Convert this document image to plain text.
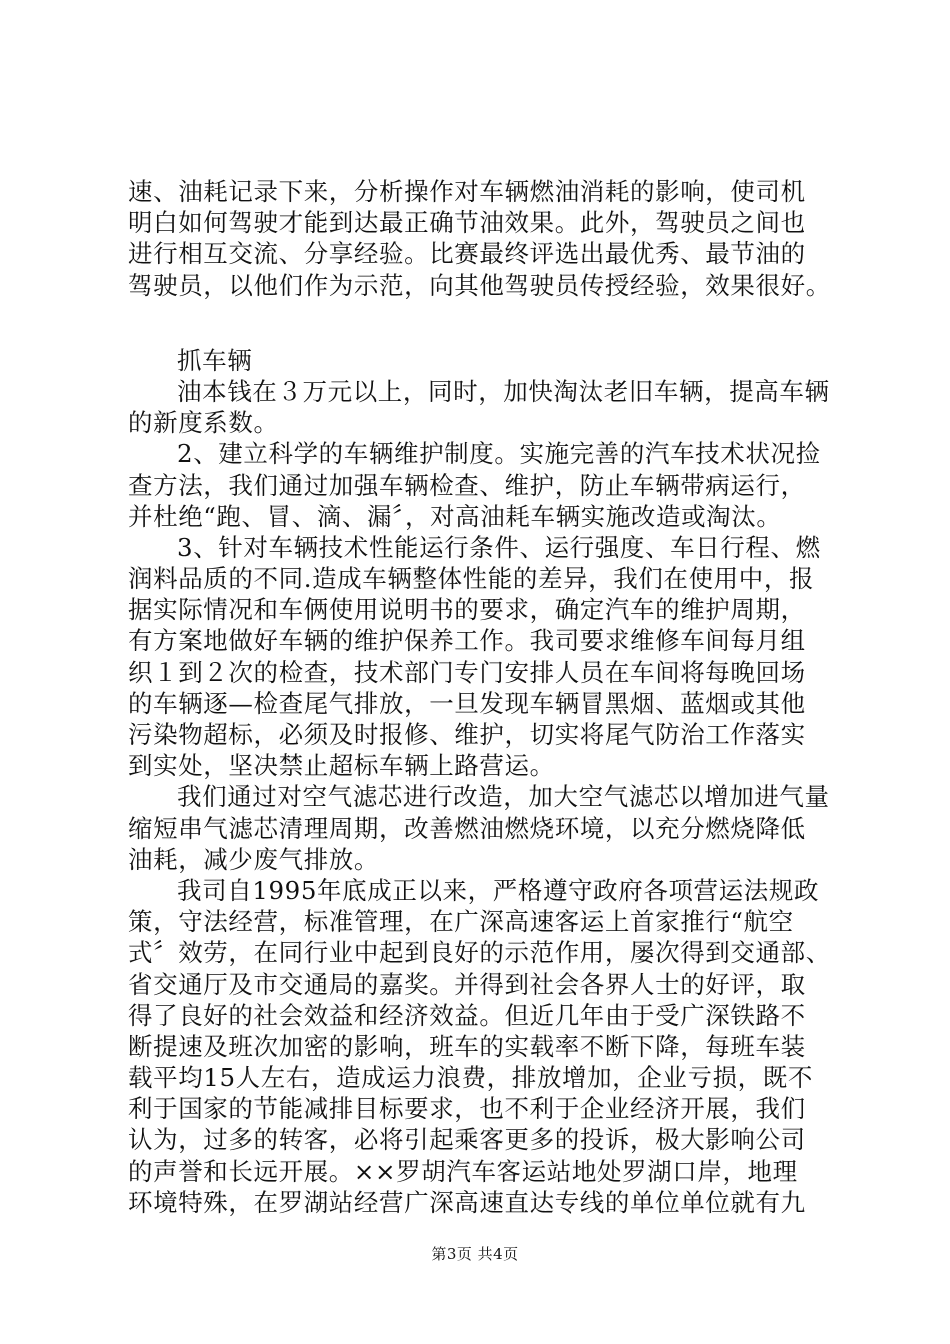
速、油耗记录下来，分析操作对车辆燃油消耗的影响，使司机
明白如何驾驶才能到达最正确节油效果。此外，驾驶员之间也
进行相互交流、分享经验。比赛最终评选出最优秀、最节油的
驾驶员，以他们作为示范，向其他驾驶员传授经验，效果很好。
抓车辆
油本钱在３万元以上，同时，加快淘汰老旧车辆，提高车辆
的新度系数。
2、建立科学的车辆维护制度。实施完善的汽车技术状况捡
查方法，我们通过加强车辆检查、维护，防止车辆带病运行，
并杜绝“跑、冒、滴、漏〞，对高油耗车辆实施改造或淘汰。
3、针对车辆技术性能运行条件、运行强度、车日行程、燃
润料品质的不同.造成车辆整体性能的差异，我们在使用中，报
据实际情况和车俩使用说明书的要求，确定汽车的维护周期，
有方案地做好车辆的维护保养工作。我司要求维修车间每月组
织１到２次的检查，技术部门专门安排人员在车间将每晚回场
的车辆逐—检查尾气排放，一旦发现车辆冒黑烟、蓝烟或其他
污染物超标，必须及时报修、维护，切实将尾气防治工作落实
到实处，坚决禁止超标车辆上路营运。
我们通过对空气滤芯进行改造，加大空气滤芯以增加进气量
缩短串气滤芯清理周期，改善燃油燃烧环境，以充分燃烧降低
油耗，减少废气排放。
我司自1995年底成正以来，严格遵守政府各项营运法规政
策，守法经营，标准管理，在广深高速客运上首家推行“航空
式〞效劳，在同行业中起到良好的示范作用，屡次得到交通部、
省交通厅及市交通局的嘉奖。并得到社会各界人士的好评，取
得了良好的社会效益和经济效益。但近几年由于受广深铁路不
断提速及班次加密的影响，班车的实载率不断下降，每班车装
载平均15人左右，造成运力浪费，排放增加，企业亏损，既不
利于国家的节能减排目标要求，也不利于企业经济开展，我们
认为，过多的转客，必将引起乘客更多的投诉，极大影响公司
的声誉和长远开展。××罗胡汽车客运站地处罗湖口岸，地理
环境特殊，在罗湖站经营广深高速直达专线的单位单位就有九
第3页 共4页
